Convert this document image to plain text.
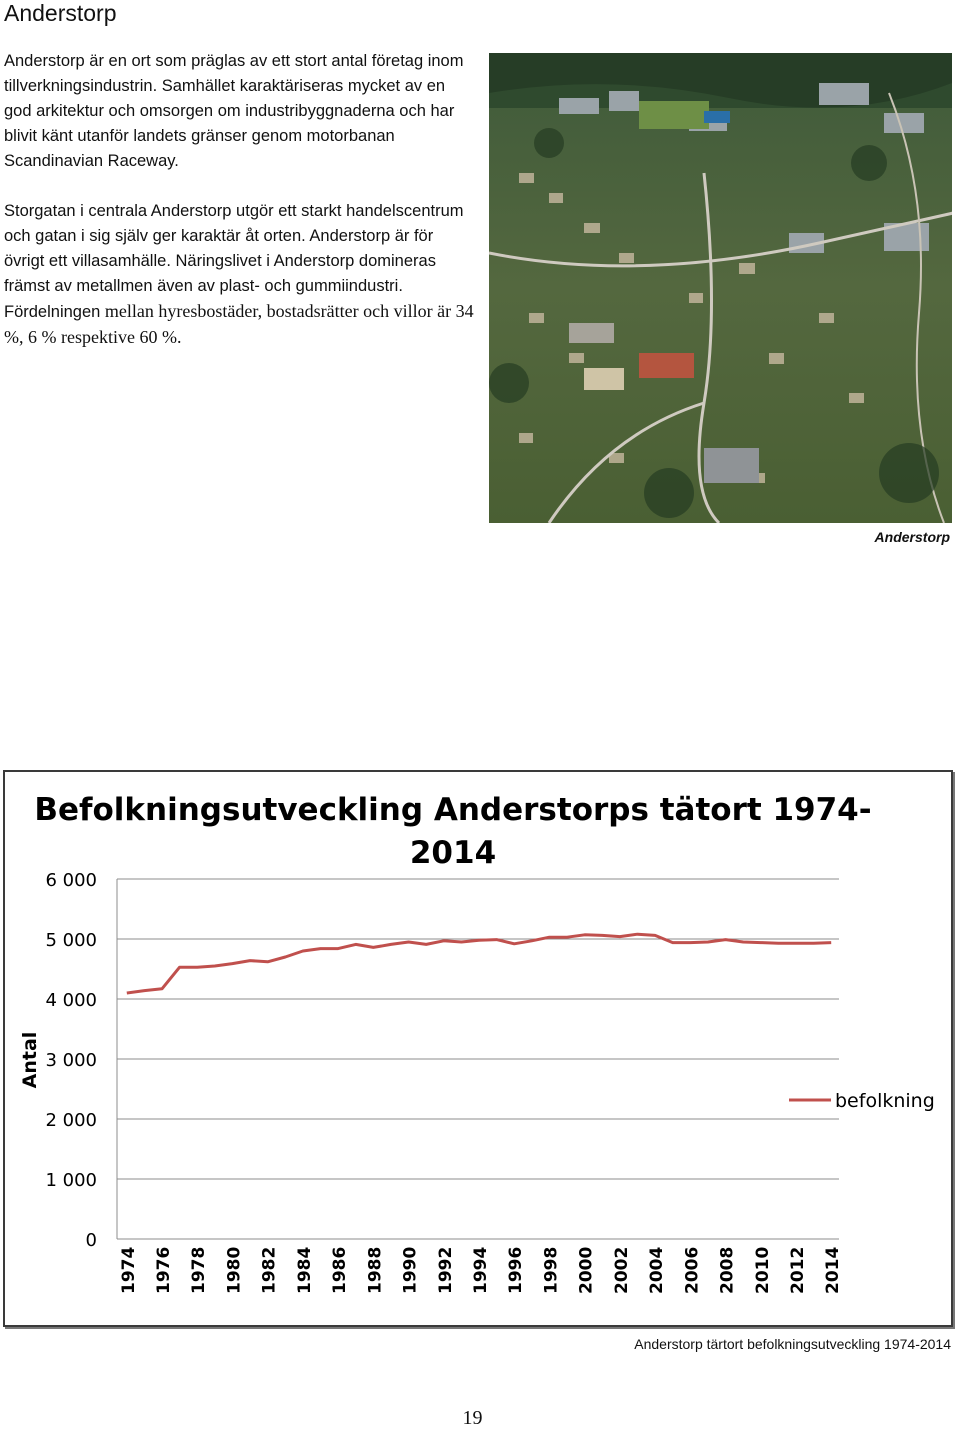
Anderstorp

Anderstorp är en ort som präglas av ett stort antal företag inom tillverkningsindustrin. Samhället karaktäriseras mycket av en god arkitektur och omsorgen om industribyggnaderna och har blivit känt utanför landets gränser genom motorbanan Scandinavian Raceway.

Storgatan i centrala Anderstorp utgör ett starkt handelscentrum och gatan i sig själv ger karaktär åt orten. Anderstorp är för övrigt ett villasamhälle. Näringslivet i Anderstorp domineras främst av metallmen även av plast- och gummiindustri. Fördelningen mellan hyresbostäder, bostadsrätter och villor är 34 %, 6 % respektive 60 %.

Anderstorp
Befolkningsutveckling Anderstorps tätort 1974-
2014
Antal
0
1 000
2 000
3 000
4 000
5 000
6 000
1974 1976 1978 1980 1982 1984 1986 1988 1990 1992 1994 1996 1998 2000 2002 2004 2006 2008 2010 2012 2014
befolkning
Anderstorp tärtort befolkningsutveckling 1974-2014
19
